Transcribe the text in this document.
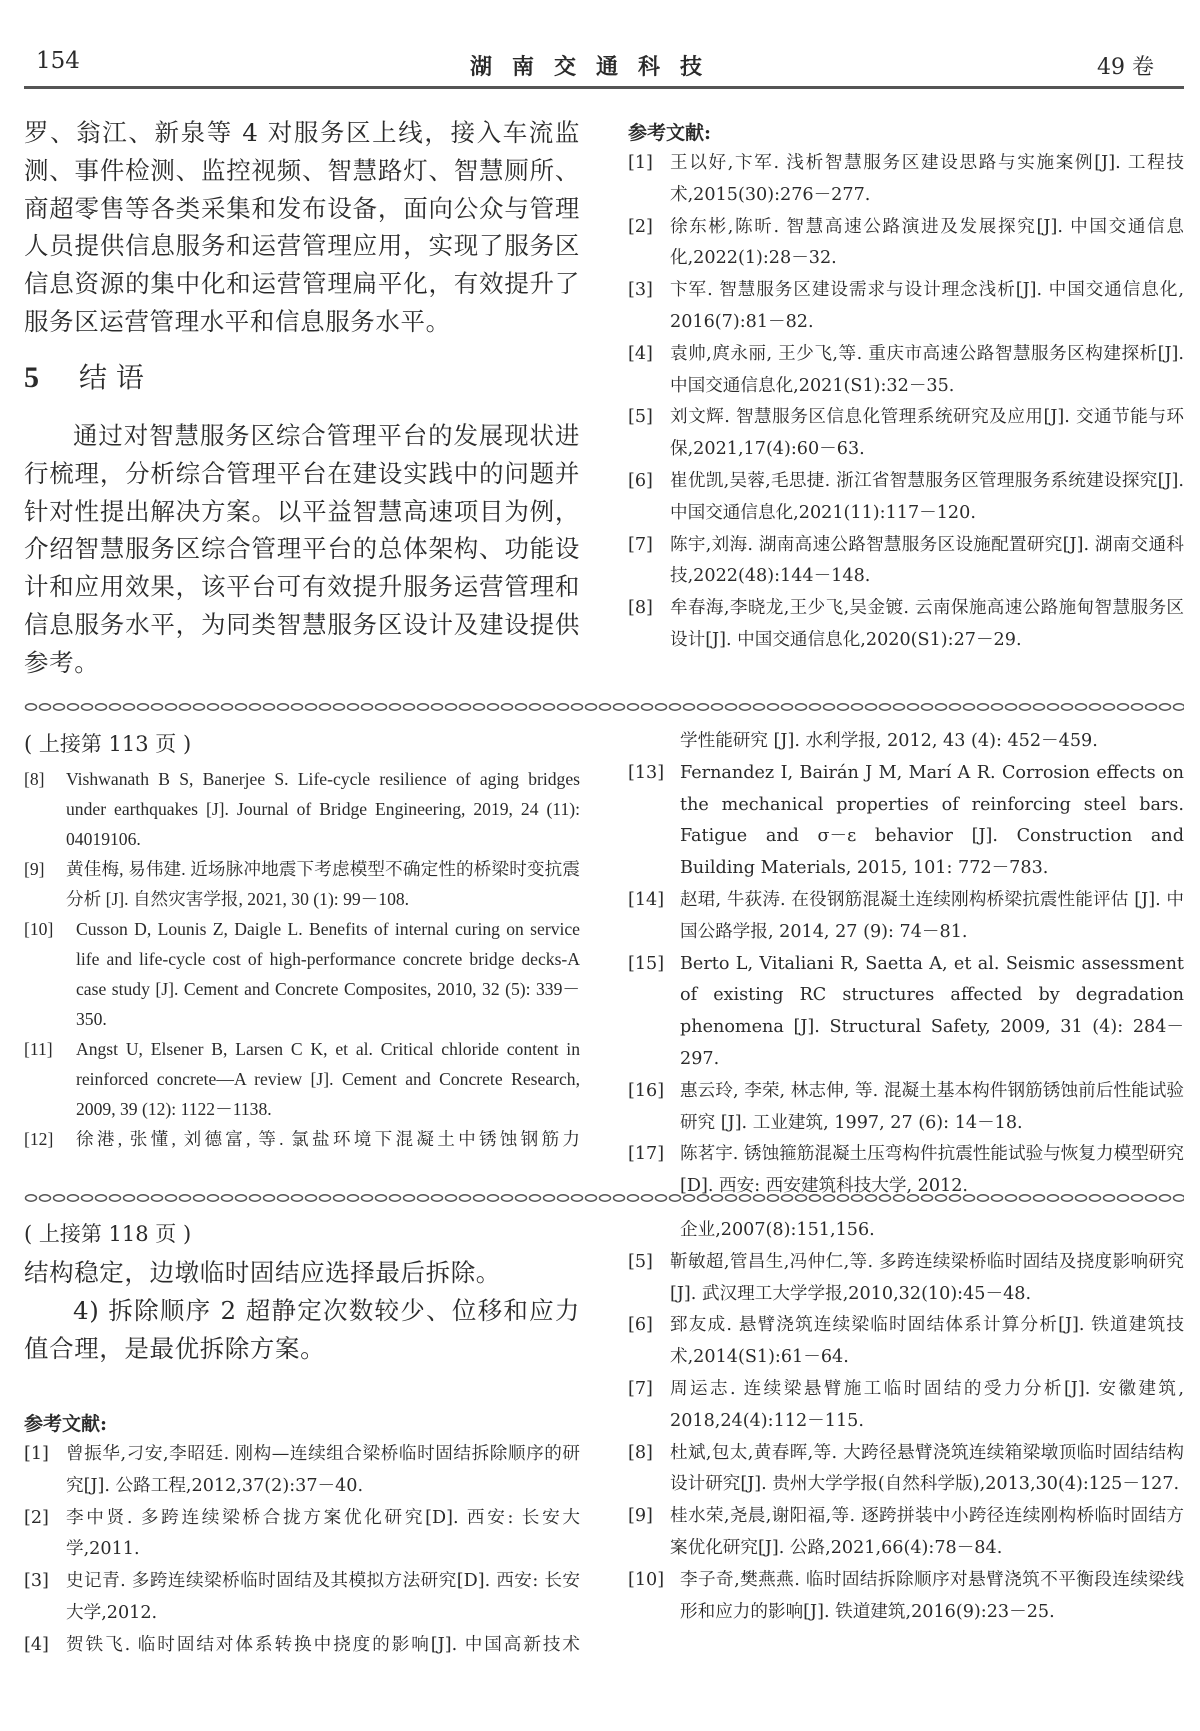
154	湖南交通科技	49 卷
罗、翁江、新泉等 4 对服务区上线，接入车流监测、事件检测、监控视频、智慧路灯、智慧厕所、商超零售等各类采集和发布设备，面向公众与管理人员提供信息服务和运营管理应用，实现了服务区信息资源的集中化和运营管理扁平化，有效提升了服务区运营管理水平和信息服务水平。
5 结 语
通过对智慧服务区综合管理平台的发展现状进行梳理，分析综合管理平台在建设实践中的问题并针对性提出解决方案。以平益智慧高速项目为例，介绍智慧服务区综合管理平台的总体架构、功能设计和应用效果，该平台可有效提升服务运营管理和信息服务水平，为同类智慧服务区设计及建设提供参考。
参考文献:
[1] 王以好,卞军. 浅析智慧服务区建设思路与实施案例[J]. 工程技术,2015(30):276－277.
[2] 徐东彬,陈昕. 智慧高速公路演进及发展探究[J]. 中国交通信息化,2022(1):28－32.
[3] 卞军. 智慧服务区建设需求与设计理念浅析[J]. 中国交通信息化, 2016(7):81－82.
[4] 袁帅,庹永丽, 王少飞,等. 重庆市高速公路智慧服务区构建探析[J]. 中国交通信息化,2021(S1):32－35.
[5] 刘文辉. 智慧服务区信息化管理系统研究及应用[J]. 交通节能与环保,2021,17(4):60－63.
[6] 崔优凯,吴蓉,毛思捷. 浙江省智慧服务区管理服务系统建设探究[J]. 中国交通信息化,2021(11):117－120.
[7] 陈宇,刘海. 湖南高速公路智慧服务区设施配置研究[J]. 湖南交通科技,2022(48):144－148.
[8] 牟春海,李晓龙,王少飞,吴金镀. 云南保施高速公路施甸智慧服务区设计[J]. 中国交通信息化,2020(S1):27－29.
( 上接第 113 页 )
[8] Vishwanath B S, Banerjee S. Life-cycle resilience of aging bridges under earthquakes [J]. Journal of Bridge Engineering, 2019, 24 (11): 04019106.
[9] 黄佳梅, 易伟建. 近场脉冲地震下考虑模型不确定性的桥梁时变抗震分析 [J]. 自然灾害学报, 2021, 30 (1): 99－108.
[10] Cusson D, Lounis Z, Daigle L. Benefits of internal curing on service life and life-cycle cost of high-performance concrete bridge decks-A case study [J]. Cement and Concrete Composites, 2010, 32 (5): 339－350.
[11] Angst U, Elsener B, Larsen C K, et al. Critical chloride content in reinforced concrete—A review [J]. Cement and Concrete Research, 2009, 39 (12): 1122－1138.
[12] 徐港, 张懂, 刘德富, 等. 氯盐环境下混凝土中锈蚀钢筋力
学性能研究 [J]. 水利学报, 2012, 43 (4): 452－459.
[13] Fernandez I, Bairán J M, Marí A R. Corrosion effects on the mechanical properties of reinforcing steel bars. Fatigue and σ－ε behavior [J]. Construction and Building Materials, 2015, 101: 772－783.
[14] 赵珺, 牛荻涛. 在役钢筋混凝土连续刚构桥梁抗震性能评估 [J]. 中国公路学报, 2014, 27 (9): 74－81.
[15] Berto L, Vitaliani R, Saetta A, et al. Seismic assessment of existing RC structures affected by degradation phenomena [J]. Structural Safety, 2009, 31 (4): 284－297.
[16] 惠云玲, 李荣, 林志伸, 等. 混凝土基本构件钢筋锈蚀前后性能试验研究 [J]. 工业建筑, 1997, 27 (6): 14－18.
[17] 陈茗宇. 锈蚀箍筋混凝土压弯构件抗震性能试验与恢复力模型研究 [D]. 西安: 西安建筑科技大学, 2012.
( 上接第 118 页 )
结构稳定，边墩临时固结应选择最后拆除。
4) 拆除顺序 2 超静定次数较少、位移和应力值合理，是最优拆除方案。
参考文献:
[1] 曾振华,刁安,李昭廷. 刚构—连续组合梁桥临时固结拆除顺序的研究[J]. 公路工程,2012,37(2):37－40.
[2] 李中贤. 多跨连续梁桥合拢方案优化研究[D]. 西安: 长安大学,2011.
[3] 史记青. 多跨连续梁桥临时固结及其模拟方法研究[D]. 西安: 长安大学,2012.
[4] 贺铁飞. 临时固结对体系转换中挠度的影响[J]. 中国高新技术
企业,2007(8):151,156.
[5] 靳敏超,管昌生,冯仲仁,等. 多跨连续梁桥临时固结及挠度影响研究[J]. 武汉理工大学学报,2010,32(10):45－48.
[6] 郅友成. 悬臂浇筑连续梁临时固结体系计算分析[J]. 铁道建筑技术,2014(S1):61－64.
[7] 周运志. 连续梁悬臂施工临时固结的受力分析[J]. 安徽建筑, 2018,24(4):112－115.
[8] 杜斌,包太,黄春晖,等. 大跨径悬臂浇筑连续箱梁墩顶临时固结结构设计研究[J]. 贵州大学学报(自然科学版),2013,30(4):125－127.
[9] 桂水荣,尧晨,谢阳福,等. 逐跨拼装中小跨径连续刚构桥临时固结方案优化研究[J]. 公路,2021,66(4):78－84.
[10] 李子奇,樊燕燕. 临时固结拆除顺序对悬臂浇筑不平衡段连续梁线形和应力的影响[J]. 铁道建筑,2016(9):23－25.
